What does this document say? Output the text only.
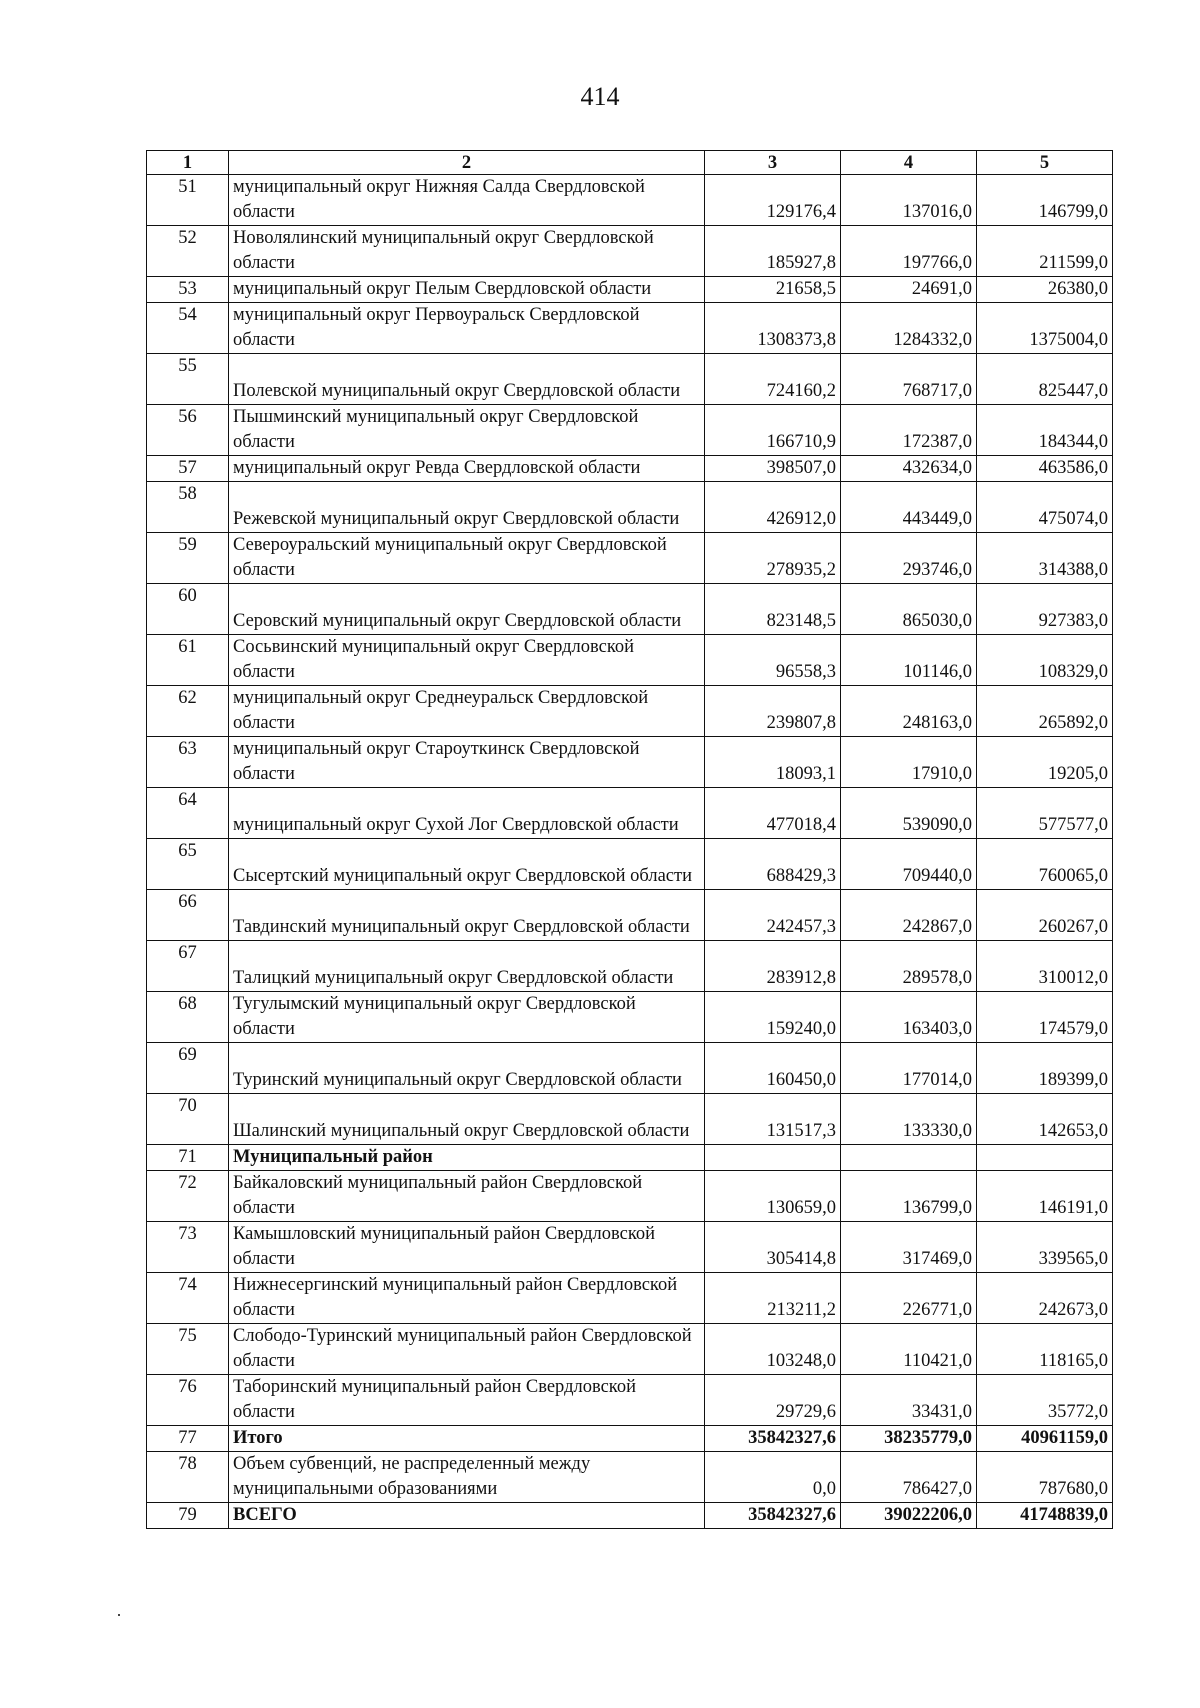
414
1	2	3	4	5
51	муниципальный округ Нижняя Салда Свердловской области	129176,4	137016,0	146799,0
52	Новолялинский муниципальный округ Свердловской области	185927,8	197766,0	211599,0
53	муниципальный округ Пелым Свердловской области	21658,5	24691,0	26380,0
54	муниципальный округ Первоуральск Свердловской области	1308373,8	1284332,0	1375004,0
55	Полевской муниципальный округ Свердловской области	724160,2	768717,0	825447,0
56	Пышминский муниципальный округ Свердловской области	166710,9	172387,0	184344,0
57	муниципальный округ Ревда Свердловской области	398507,0	432634,0	463586,0
58	Режевской муниципальный округ Свердловской области	426912,0	443449,0	475074,0
59	Североуральский муниципальный округ Свердловской области	278935,2	293746,0	314388,0
60	Серовский муниципальный округ Свердловской области	823148,5	865030,0	927383,0
61	Сосьвинский муниципальный округ Свердловской области	96558,3	101146,0	108329,0
62	муниципальный округ Среднеуральск Свердловской области	239807,8	248163,0	265892,0
63	муниципальный округ Староуткинск Свердловской области	18093,1	17910,0	19205,0
64	муниципальный округ Сухой Лог Свердловской области	477018,4	539090,0	577577,0
65	Сысертский муниципальный округ Свердловской области	688429,3	709440,0	760065,0
66	Тавдинский муниципальный округ Свердловской области	242457,3	242867,0	260267,0
67	Талицкий муниципальный округ Свердловской области	283912,8	289578,0	310012,0
68	Тугулымский муниципальный округ Свердловской области	159240,0	163403,0	174579,0
69	Туринский муниципальный округ Свердловской области	160450,0	177014,0	189399,0
70	Шалинский муниципальный округ Свердловской области	131517,3	133330,0	142653,0
71	Муниципальный район			
72	Байкаловский муниципальный район Свердловской области	130659,0	136799,0	146191,0
73	Камышловский муниципальный район Свердловской области	305414,8	317469,0	339565,0
74	Нижнесергинский муниципальный район Свердловской области	213211,2	226771,0	242673,0
75	Слободо-Туринский муниципальный район Свердловской области	103248,0	110421,0	118165,0
76	Таборинский муниципальный район Свердловской области	29729,6	33431,0	35772,0
77	Итого	35842327,6	38235779,0	40961159,0
78	Объем субвенций, не распределенный между муниципальными образованиями	0,0	786427,0	787680,0
79	ВСЕГО	35842327,6	39022206,0	41748839,0
